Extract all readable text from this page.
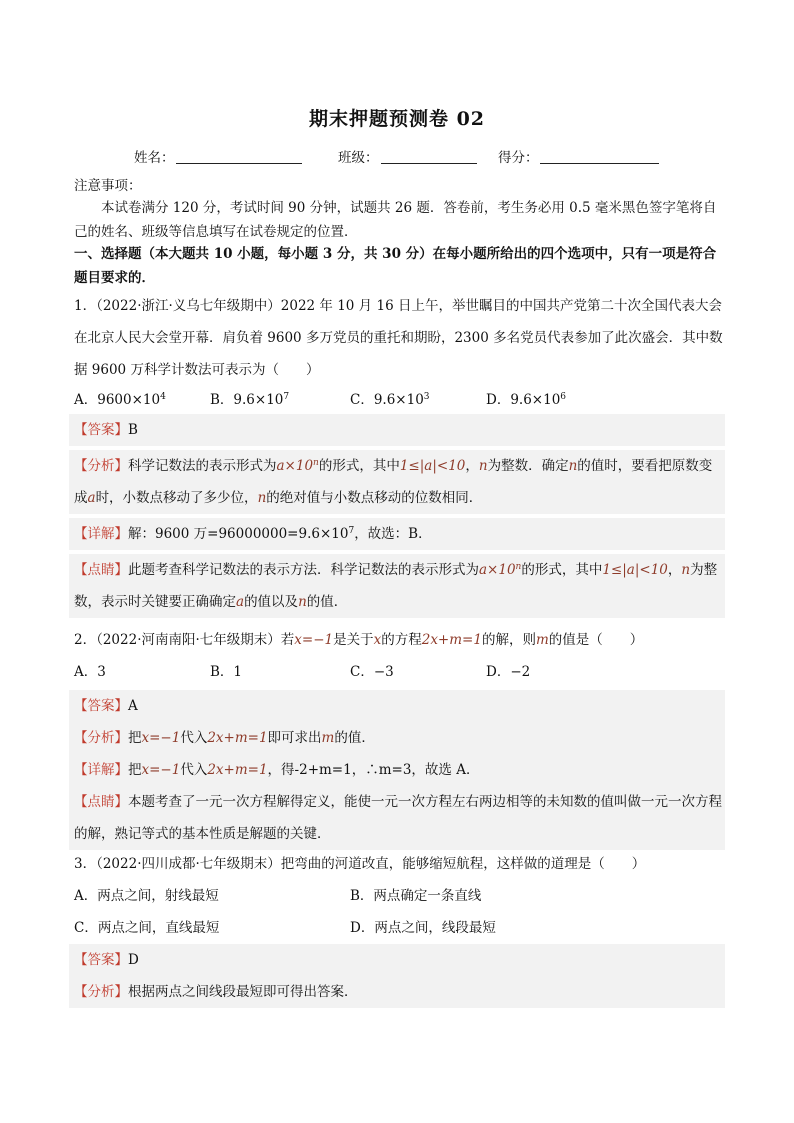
期末押题预测卷 02
姓名：	班级：	得分：
注意事项：
本试卷满分 120 分，考试时间 90 分钟，试题共 26 题．答卷前，考生务必用 0.5 毫米黑色签字笔将自己的姓名、班级等信息填写在试卷规定的位置．
一、选择题（本大题共 10 小题，每小题 3 分，共 30 分）在每小题所给出的四个选项中，只有一项是符合题目要求的．
1．（2022·浙江·义乌七年级期中）2022 年 10 月 16 日上午，举世瞩目的中国共产党第二十次全国代表大会在北京人民大会堂开幕．肩负着 9600 多万党员的重托和期盼，2300 多名党员代表参加了此次盛会．其中数据 9600 万科学计数法可表示为（　　）
A．$9600\times 10^4$	B．$9.6\times 10^7$	C．$9.6\times 10^3$	D．$9.6\times 10^6$
【答案】B
【分析】科学记数法的表示形式为$a\times 10^n$的形式，其中1≤|a|<10，n为整数．确定n的值时，要看把原数变成a时，小数点移动了多少位，n的绝对值与小数点移动的位数相同．
【详解】解：9600 万$=96000000=9.6\times 10^7$，故选：B．
【点睛】此题考查科学记数法的表示方法．科学记数法的表示形式为$a\times 10^n$的形式，其中1≤|a|<10，n为整数，表示时关键要正确确定a的值以及n的值．
2．（2022·河南南阳·七年级期末）若x=−1是关于x的方程2x+m=1的解，则m的值是（　　）
A．3	B．1	C．−3	D．−2
【答案】A
【分析】把x=−1代入2x+m=1即可求出m的值．
【详解】把x=−1代入2x+m=1，得-2+m=1，∴m=3，故选 A．
【点睛】本题考查了一元一次方程解得定义，能使一元一次方程左右两边相等的未知数的值叫做一元一次方程的解，熟记等式的基本性质是解题的关键．
3．（2022·四川成都·七年级期末）把弯曲的河道改直，能够缩短航程，这样做的道理是（　　）
A．两点之间，射线最短	B．两点确定一条直线
C．两点之间，直线最短	D．两点之间，线段最短
【答案】D
【分析】根据两点之间线段最短即可得出答案．
